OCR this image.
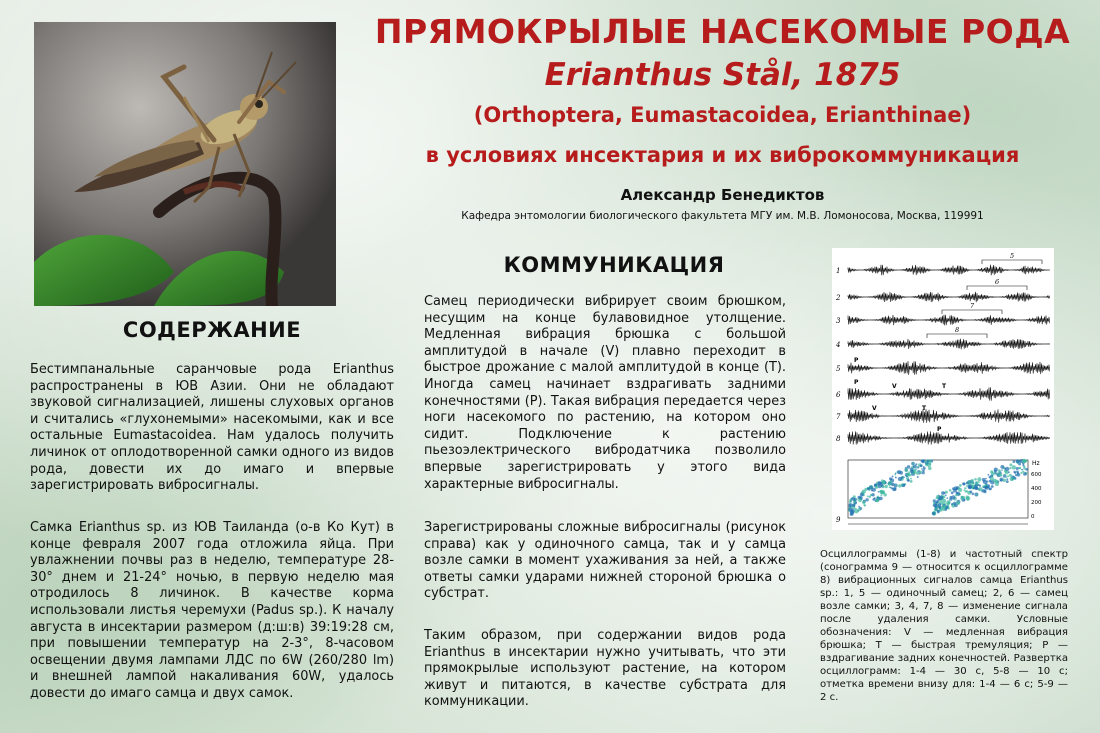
ПРЯМОКРЫЛЫЕ НАСЕКОМЫЕ РОДА
Erianthus Stål, 1875
(Orthoptera, Eumastacoidea, Erianthinae)
в условиях инсектария и их виброкоммуникация
Александр Бенедиктов
Кафедра энтомологии биологического факультета МГУ им. М.В. Ломоносова, Москва, 119991
СОДЕРЖАНИЕ

Бестимпанальные саранчовые рода Erianthus распространены в ЮВ Азии. Они не обладают звуковой сигнализацией, лишены слуховых органов и считались «глухонемыми» насекомыми, как и все остальные Eumastacoidea. Нам удалось получить личинок от оплодотворенной самки одного из видов рода, довести их до имаго и впервые зарегистрировать вибросигналы.

Самка Erianthus sp. из ЮВ Таиланда (о-в Ко Кут) в конце февраля 2007 года отложила яйца. При увлажнении почвы раз в неделю, температуре 28-30° днем и 21-24° ночью, в первую неделю мая отродилось 8 личинок. В качестве корма использовали листья черемухи (Padus sp.). К началу августа в инсектарии размером (д:ш:в) 39:19:28 см, при повышении температур на 2-3°, 8-часовом освещении двумя лампами ЛДС по 6W (260/280 lm) и внешней лампой накаливания 60W, удалось довести до имаго самца и двух самок.

КОММУНИКАЦИЯ

Самец периодически вибрирует своим брюшком, несущим на конце булавовидное утолщение. Медленная вибрация брюшка с большой амплитудой в начале (V) плавно переходит в быстрое дрожание с малой амплитудой в конце (T). Иногда самец начинает вздрагивать задними конечностями (P). Такая вибрация передается через ноги насекомого по растению, на котором оно сидит. Подключение к растению пьезоэлектрического вибродатчика позволило впервые зарегистрировать у этого вида характерные вибросигналы.

Зарегистрированы сложные вибросигналы (рисунок справа) как у одиночного самца, так и у самца возле самки в момент ухаживания за ней, а также ответы самки ударами нижней стороной брюшка о субстрат.

Таким образом, при содержании видов рода Erianthus в инсектарии нужно учитывать, что эти прямокрылые используют растение, на котором живут и питаются, в качестве субстрата для коммуникации.

1
2
3
4
5
6
7
8
5
6
7
8
P
V	T
P
V	T
P
Hz
600
400
200
0
9

Осциллограммы (1-8) и частотный спектр (сонограмма 9 — относится к осциллограмме 8) вибрационных сигналов самца Erianthus sp.: 1, 5 — одиночный самец; 2, 6 — самец возле самки; 3, 4, 7, 8 — изменение сигнала после удаления самки. Условные обозначения: V — медленная вибрация брюшка; T — быстрая тремуляция; P — вздрагивание задних конечностей. Развертка осциллограмм: 1-4 — 30 с, 5-8 — 10 с; отметка времени внизу для: 1-4 — 6 с; 5-9 — 2 с.
